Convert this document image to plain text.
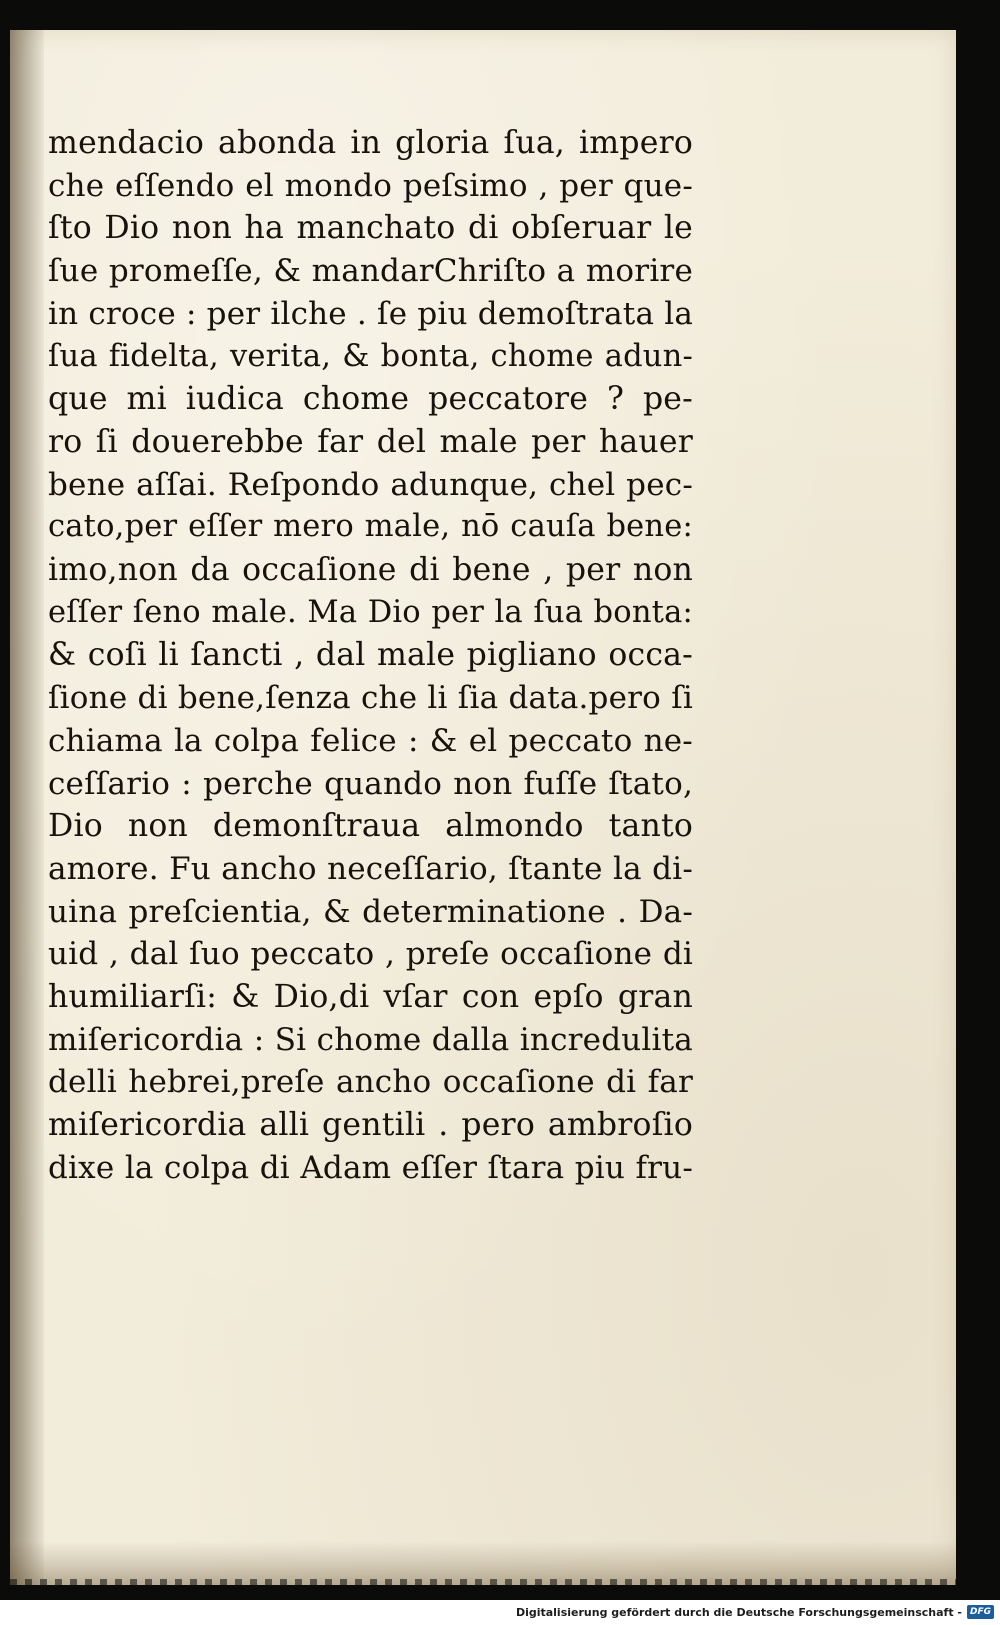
mendacio abonda in gloria ſua, impero
che eſſendo el mondo peſsimo , per que-
ſto Dio non ha manchato di obſeruar le
ſue promeſſe, & mandarChriſto a morire
in croce : per ilche . ſe piu demoſtrata la
ſua fidelta, verita, & bonta, chome adun-
que mi iudica chome peccatore ? pe-
ro ſi douerebbe far del male per hauer
bene aſſai. Reſpondo adunque, chel pec-
cato,per eſſer mero male, nō cauſa bene:
imo,non da occaſione di bene , per non
eſſer ſeno male. Ma Dio per la ſua bonta:
& coſi li ſancti , dal male pigliano occa-
ſione di bene,ſenza che li ſia data.pero ſi
chiama la colpa felice : & el peccato ne-
ceſſario : perche quando non fuſſe ſtato,
Dio non demonſtraua almondo tanto
amore. Fu ancho neceſſario, ſtante la di-
uina preſcientia, & determinatione . Da-
uid , dal ſuo peccato , preſe occaſione di
humiliarſi: & Dio,di vſar con epſo gran
miſericordia : Si chome dalla incredulita
delli hebrei,preſe ancho occaſione di far
miſericordia alli gentili . pero ambroſio
dixe la colpa di Adam eſſer ſtara piu fru-
Digitalisierung gefördert durch die Deutsche Forschungsgemeinschaft - DFG
